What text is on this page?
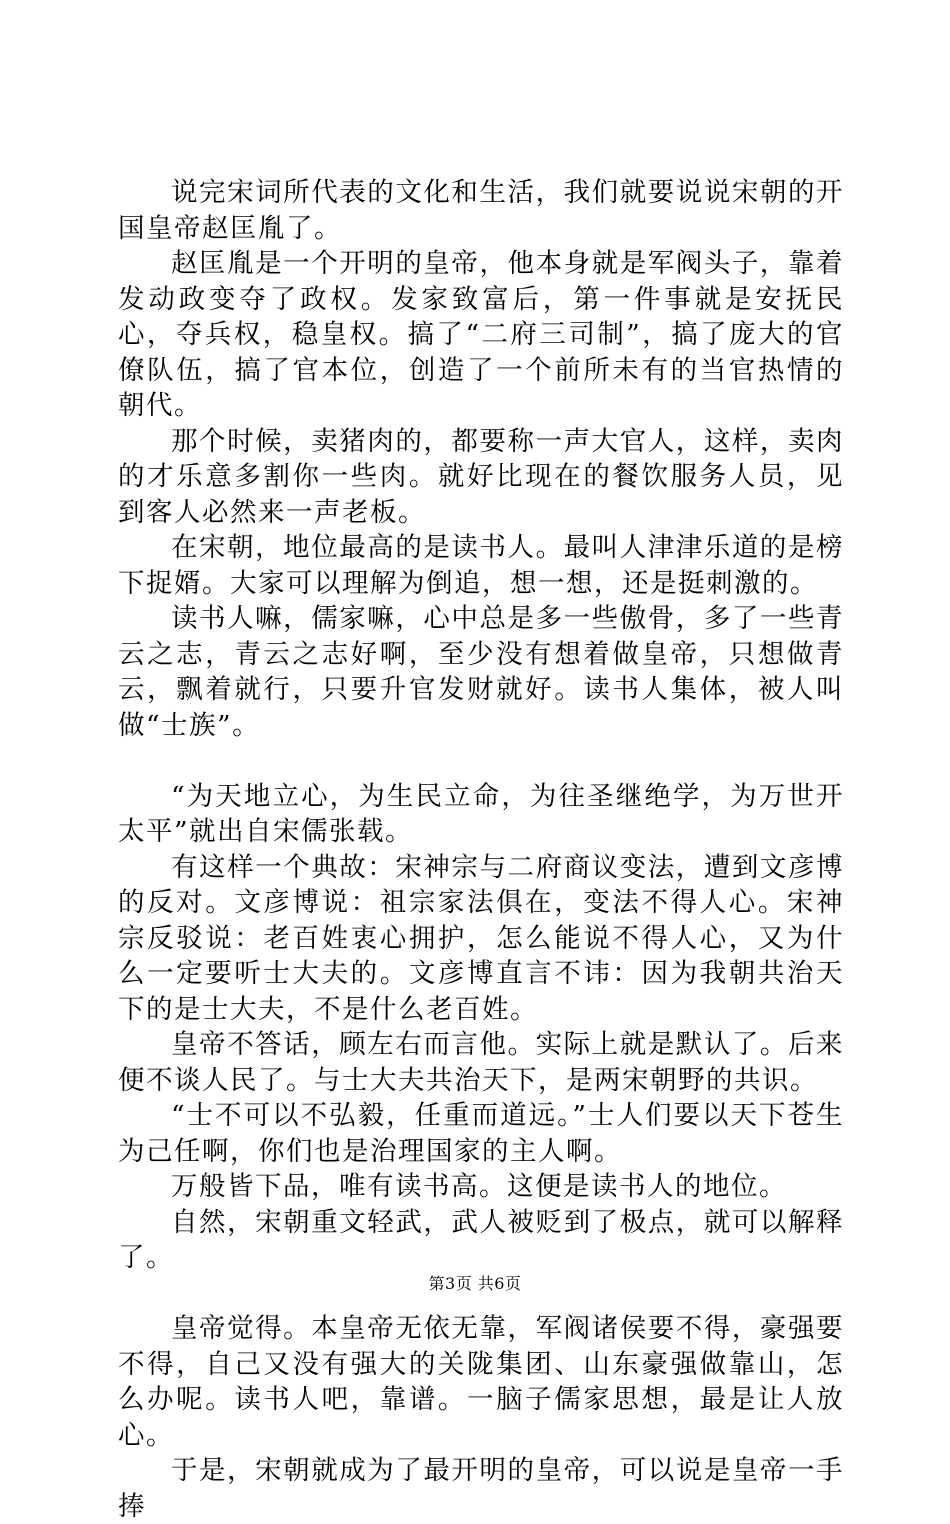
说完宋词所代表的文化和生活，我们就要说说宋朝的开国皇帝赵匡胤了。

赵匡胤是一个开明的皇帝，他本身就是军阀头子，靠着发动政变夺了政权。发家致富后，第一件事就是安抚民心，夺兵权，稳皇权。搞了“二府三司制”，搞了庞大的官僚队伍，搞了官本位，创造了一个前所未有的当官热情的朝代。

那个时候，卖猪肉的，都要称一声大官人，这样，卖肉的才乐意多割你一些肉。就好比现在的餐饮服务人员，见到客人必然来一声老板。

在宋朝，地位最高的是读书人。最叫人津津乐道的是榜下捉婿。大家可以理解为倒追，想一想，还是挺刺激的。

读书人嘛，儒家嘛，心中总是多一些傲骨，多了一些青云之志，青云之志好啊，至少没有想着做皇帝，只想做青云，飘着就行，只要升官发财就好。读书人集体，被人叫做“士族”。

“为天地立心，为生民立命，为往圣继绝学，为万世开太平”就出自宋儒张载。

有这样一个典故：宋神宗与二府商议变法，遭到文彦博的反对。文彦博说：祖宗家法俱在，变法不得人心。宋神宗反驳说：老百姓衷心拥护，怎么能说不得人心，又为什么一定要听士大夫的。文彦博直言不讳：因为我朝共治天下的是士大夫，不是什么老百姓。

皇帝不答话，顾左右而言他。实际上就是默认了。后来便不谈人民了。与士大夫共治天下，是两宋朝野的共识。

“士不可以不弘毅，任重而道远。”士人们要以天下苍生为己任啊，你们也是治理国家的主人啊。

万般皆下品，唯有读书高。这便是读书人的地位。

自然，宋朝重文轻武，武人被贬到了极点，就可以解释了。

皇帝觉得。本皇帝无依无靠，军阀诸侯要不得，豪强要不得，自己又没有强大的关陇集团、山东豪强做靠山，怎么办呢。读书人吧，靠谱。一脑子儒家思想，最是让人放心。

于是，宋朝就成为了最开明的皇帝，可以说是皇帝一手捧

第3页 共6页
